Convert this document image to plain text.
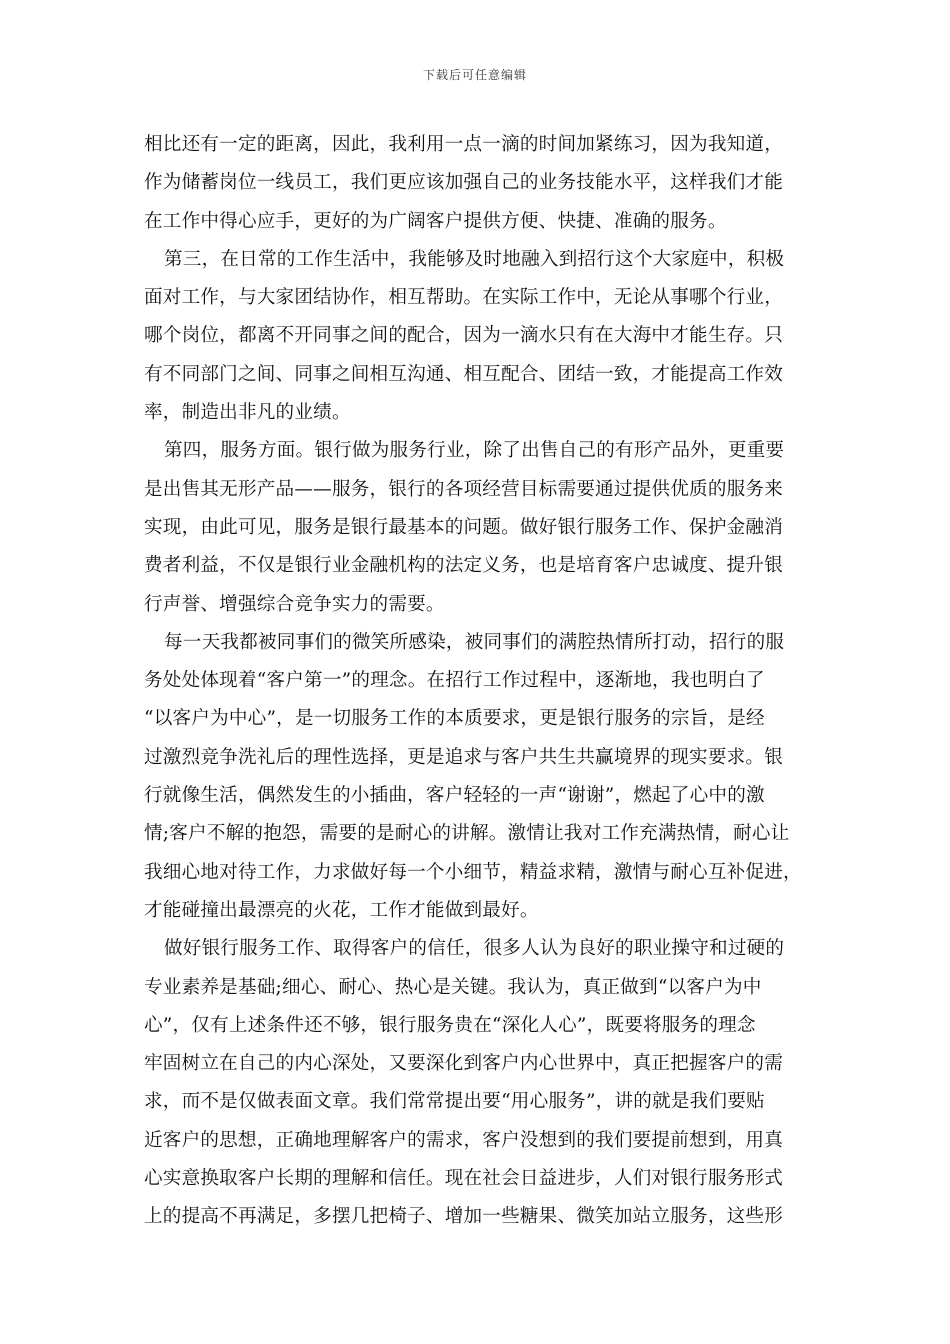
下载后可任意编辑
相比还有一定的距离，因此，我利用一点一滴的时间加紧练习，因为我知道，
作为储蓄岗位一线员工，我们更应该加强自己的业务技能水平，这样我们才能
在工作中得心应手，更好的为广阔客户提供方便、快捷、准确的服务。
第三，在日常的工作生活中，我能够及时地融入到招行这个大家庭中，积极
面对工作，与大家团结协作，相互帮助。在实际工作中，无论从事哪个行业，
哪个岗位，都离不开同事之间的配合，因为一滴水只有在大海中才能生存。只
有不同部门之间、同事之间相互沟通、相互配合、团结一致，才能提高工作效
率，制造出非凡的业绩。
第四，服务方面。银行做为服务行业，除了出售自己的有形产品外，更重要
是出售其无形产品——服务，银行的各项经营目标需要通过提供优质的服务来
实现，由此可见，服务是银行最基本的问题。做好银行服务工作、保护金融消
费者利益，不仅是银行业金融机构的法定义务，也是培育客户忠诚度、提升银
行声誉、增强综合竞争实力的需要。
每一天我都被同事们的微笑所感染，被同事们的满腔热情所打动，招行的服
务处处体现着“客户第一”的理念。在招行工作过程中，逐渐地，我也明白了
“以客户为中心”，是一切服务工作的本质要求，更是银行服务的宗旨，是经
过激烈竞争洗礼后的理性选择，更是追求与客户共生共赢境界的现实要求。银
行就像生活，偶然发生的小插曲，客户轻轻的一声“谢谢”，燃起了心中的激
情;客户不解的抱怨，需要的是耐心的讲解。激情让我对工作充满热情，耐心让
我细心地对待工作，力求做好每一个小细节，精益求精，激情与耐心互补促进，
才能碰撞出最漂亮的火花，工作才能做到最好。
做好银行服务工作、取得客户的信任，很多人认为良好的职业操守和过硬的
专业素养是基础;细心、耐心、热心是关键。我认为，真正做到“以客户为中
心”，仅有上述条件还不够，银行服务贵在“深化人心”，既要将服务的理念
牢固树立在自己的内心深处，又要深化到客户内心世界中，真正把握客户的需
求，而不是仅做表面文章。我们常常提出要“用心服务”，讲的就是我们要贴
近客户的思想，正确地理解客户的需求，客户没想到的我们要提前想到，用真
心实意换取客户长期的理解和信任。现在社会日益进步，人们对银行服务形式
上的提高不再满足，多摆几把椅子、增加一些糖果、微笑加站立服务，这些形
